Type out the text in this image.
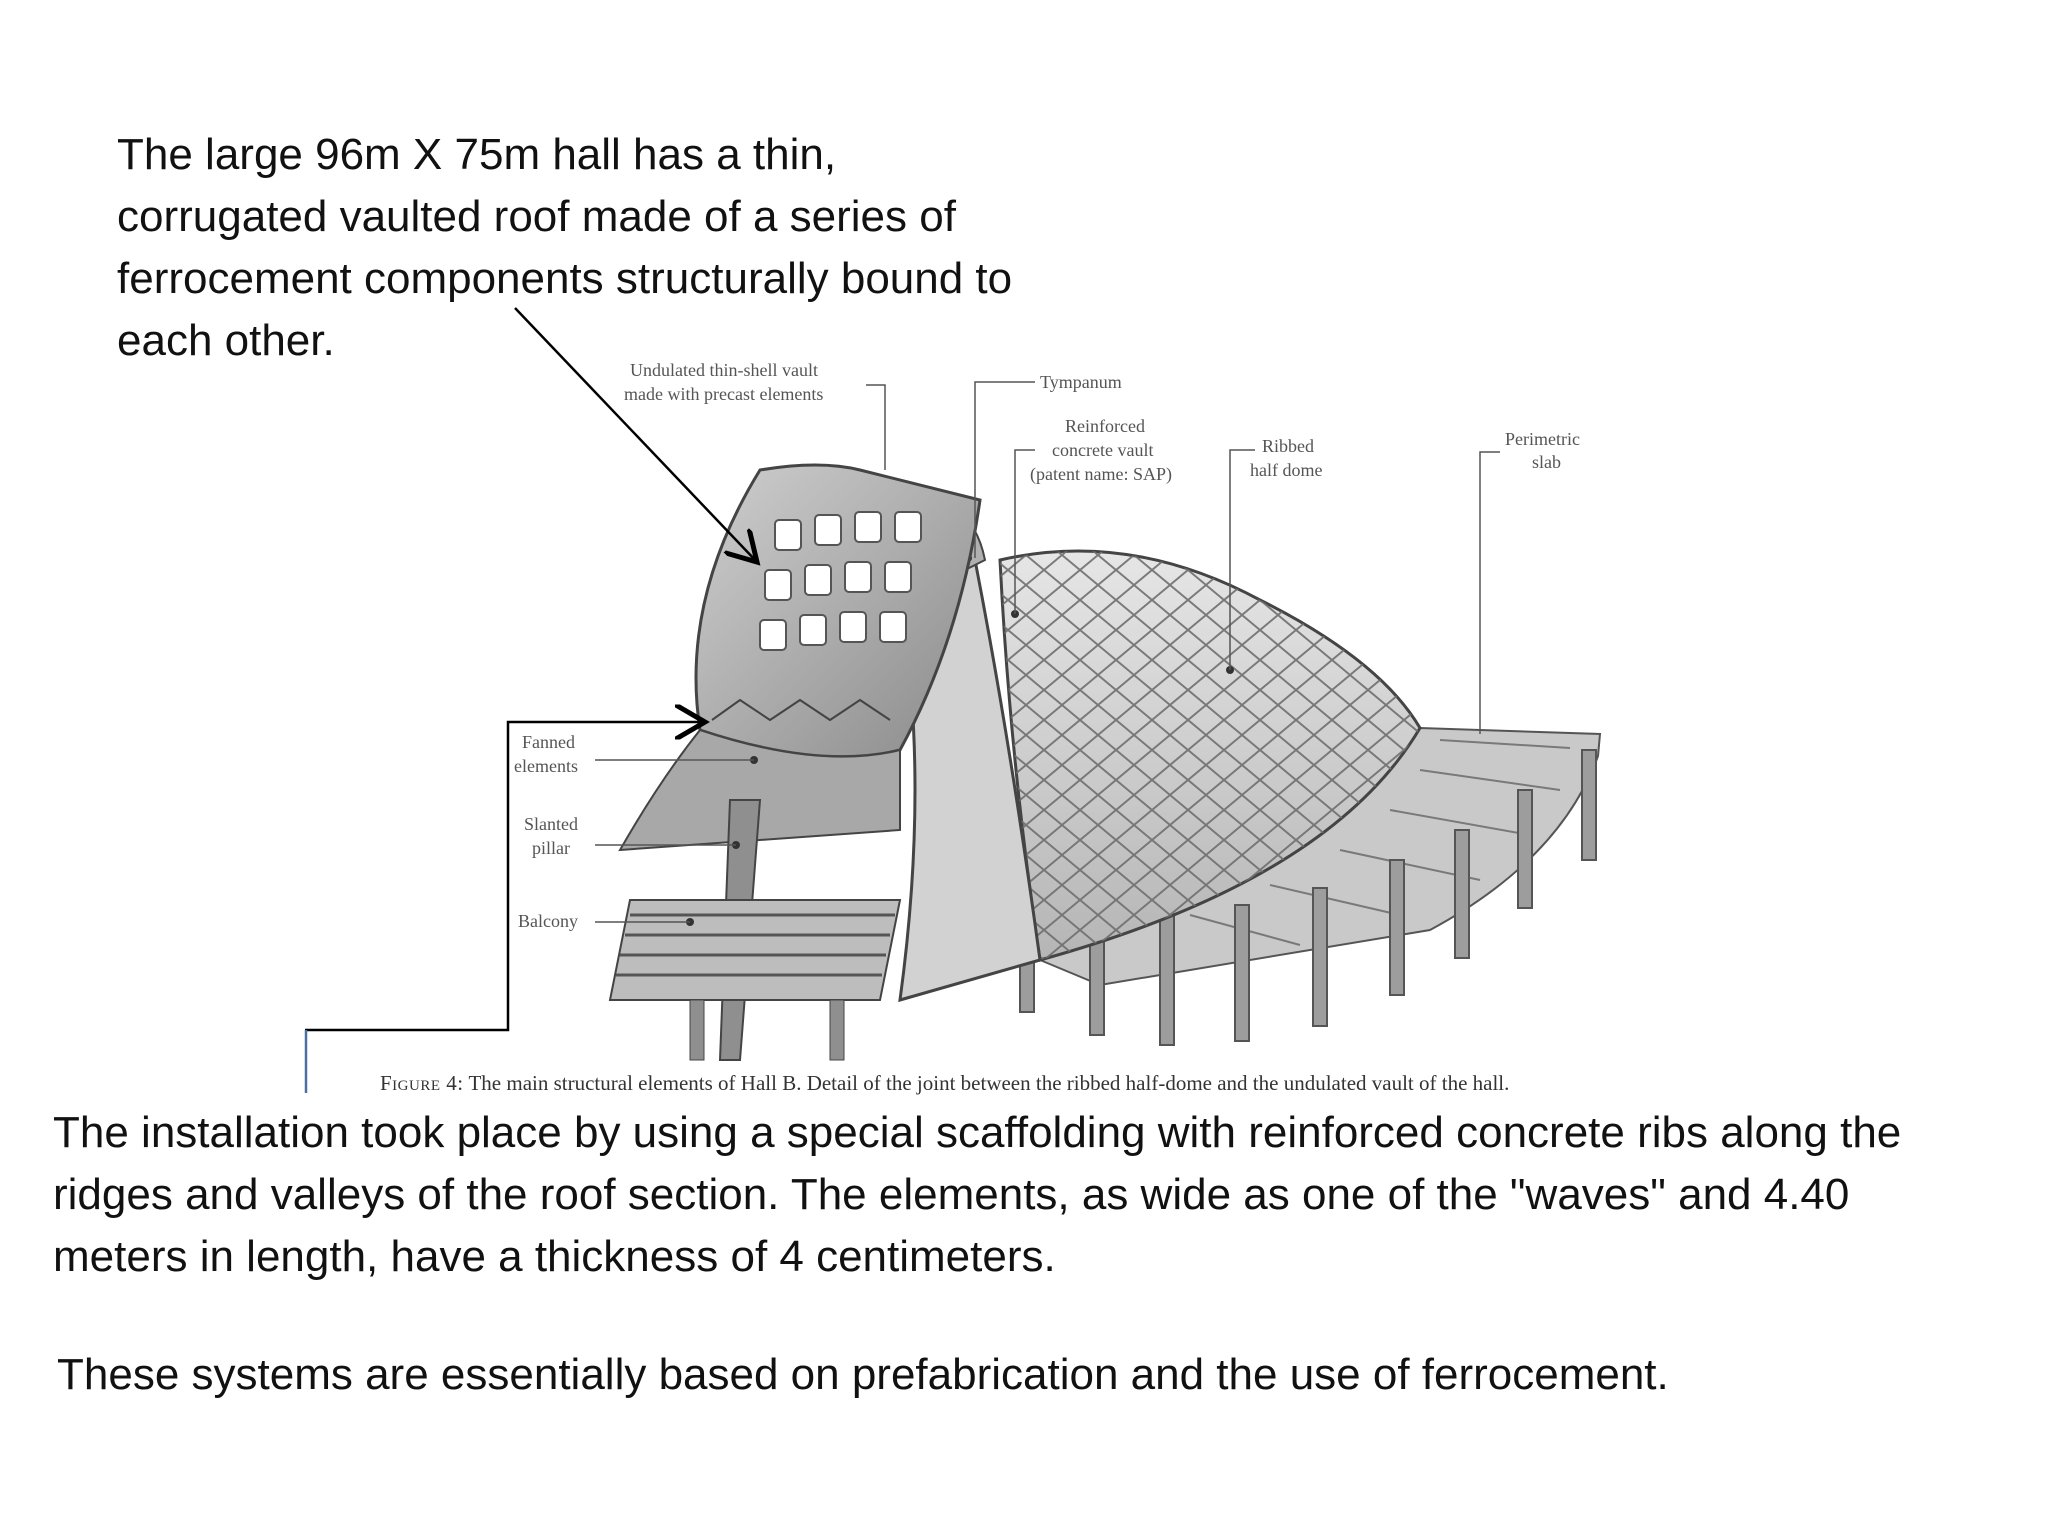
The large 96m X 75m hall has a thin,
corrugated vaulted roof made of a series of
ferrocement components structurally bound to
each other.

Undulated thin-shell vault
made with precast elements
Tympanum
Reinforced
concrete vault
(patent name: SAP)
Ribbed
half dome
Perimetric
slab
Fanned
elements
Slanted
pillar
Balcony

Figure 4: The main structural elements of Hall B. Detail of the joint between the ribbed half-dome and the undulated vault of the hall.

The installation took place by using a special scaffolding with reinforced concrete ribs along the
ridges and valleys of the roof section. The elements, as wide as one of the "waves" and 4.40
meters in length, have a thickness of 4 centimeters.

These systems are essentially based on prefabrication and the use of ferrocement.
